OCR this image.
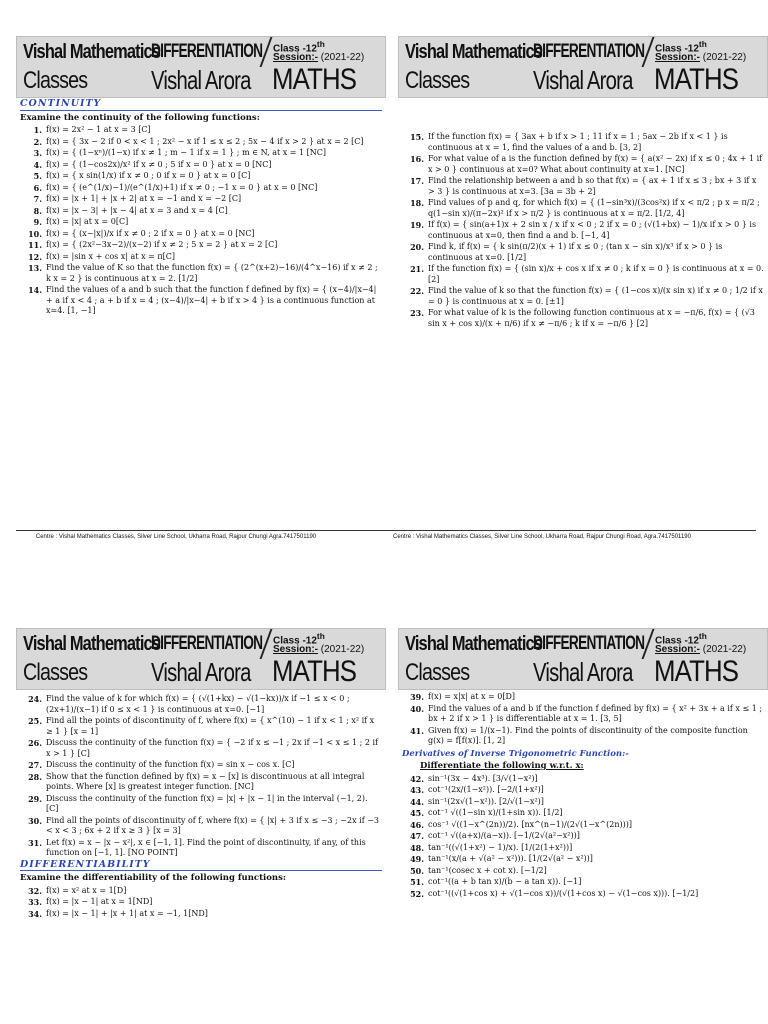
Vishal Mathematics
Classes
DIFFERENTIATION
Vishal Arora
Class -12th
Session:- (2021-22)
MATHS
CONTINUITY
Examine the continuity of the following functions:
1. f(x) = 2x² − 1 at x = 3 [C]
2. f(x) = { 3x − 2 if 0 < x < 1 ; 2x² − x if 1 ≤ x ≤ 2 ; 5x − 4 if x > 2 } at x = 2 [C]
3. f(x) = { (1−xⁿ)/(1−x) if x ≠ 1 ; m − 1 if x = 1 } ; m ∈ N, at x = 1 [NC]
4. f(x) = { (1−cos2x)/x² if x ≠ 0 ; 5 if x = 0 } at x = 0 [NC]
5. f(x) = { x sin(1/x) if x ≠ 0 ; 0 if x = 0 } at x = 0 [C]
6. f(x) = { (e^(1/x)−1)/(e^(1/x)+1) if x ≠ 0 ; −1 x = 0 } at x = 0 [NC]
7. f(x) = |x + 1| + |x + 2| at x = −1 and x = −2 [C]
8. f(x) = |x − 3| + |x − 4| at x = 3 and x = 4 [C]
9. f(x) = |x| at x = 0[C]
10. f(x) = { (x−|x|)/x if x ≠ 0 ; 2 if x = 0 } at x = 0 [NC]
11. f(x) = { (2x²−3x−2)/(x−2) if x ≠ 2 ; 5 x = 2 } at x = 2 [C]
12. f(x) = |sin x + cos x| at x = π[C]
13. Find the value of K so that the function f(x) = { (2^(x+2)−16)/(4^x−16) if x ≠ 2 ; k x = 2 } is continuous at x = 2. [1/2]
14. Find the values of a and b such that the function f defined by f(x) = { (x−4)/|x−4| + a if x < 4 ; a + b if x = 4 ; (x−4)/|x−4| + b if x > 4 } is a continuous function at x=4. [1, −1]
Centre : Vishal Mathematics Classes, Silver Line School, Ukharra Road, Rajpur Chungi Agra.7417501190	Centre : Vishal Mathematics Classes, Silver Line School, Ukharra Road, Rajpur Chungi Road, Agra.7417501190
Vishal Mathematics
Classes
DIFFERENTIATION
Vishal Arora
Class -12th
Session:- (2021-22)
MATHS
15. If the function f(x) = { 3ax + b if x > 1 ; 11 if x = 1 ; 5ax − 2b if x < 1 } is continuous at x = 1, find the values of a and b. [3, 2]
16. For what value of a is the function defined by f(x) = { a(x² − 2x) if x ≤ 0 ; 4x + 1 if x > 0 } continuous at x=0? What about continuity at x=1. [NC]
17. Find the relationship between a and b so that f(x) = { ax + 1 if x ≤ 3 ; bx + 3 if x > 3 } is continuous at x=3. [3a = 3b + 2]
18. Find values of p and q, for which f(x) = { (1−sin³x)/(3cos²x) if x < π/2 ; p x = π/2 ; q(1−sin x)/(π−2x)² if x > π/2 } is continuous at x = π/2. [1/2, 4]
19. If f(x) = { sin(a+1)x + 2 sin x / x if x < 0 ; 2 if x = 0 ; (√(1+bx) − 1)/x if x > 0 } is continuous at x=0, then find a and b. [−1, 4]
20. Find k, if f(x) = { k sin(π/2)(x + 1) if x ≤ 0 ; (tan x − sin x)/x³ if x > 0 } is continuous at x=0. [1/2]
21. If the function f(x) = { (sin x)/x + cos x if x ≠ 0 ; k if x = 0 } is continuous at x = 0. [2]
22. Find the value of k so that the function f(x) = { (1−cos x)/(x sin x) if x ≠ 0 ; 1/2 if x = 0 } is continuous at x = 0. [±1]
23. For what value of k is the following function continuous at x = −π/6, f(x) = { (√3 sin x + cos x)/(x + π/6) if x ≠ −π/6 ; k if x = −π/6 } [2]
Vishal Mathematics
Classes
DIFFERENTIATION
Vishal Arora
Class -12th
Session:- (2021-22)
MATHS
24. Find the value of k for which f(x) = { (√(1+kx) − √(1−kx))/x if −1 ≤ x < 0 ; (2x+1)/(x−1) if 0 ≤ x < 1 } is continuous at x=0. [−1]
25. Find all the points of discontinuity of f, where f(x) = { x^(10) − 1 if x < 1 ; x² if x ≥ 1 } [x = 1]
26. Discuss the continuity of the function f(x) = { −2 if x ≤ −1 ; 2x if −1 < x ≤ 1 ; 2 if x > 1 } [C]
27. Discuss the continuity of the function f(x) = sin x − cos x. [C]
28. Show that the function defined by f(x) = x − [x] is discontinuous at all integral points. Where [x] is greatest integer function. [NC]
29. Discuss the continuity of the function f(x) = |x| + |x − 1| in the interval (−1, 2). [C]
30. Find all the points of discontinuity of f, where f(x) = { |x| + 3 if x ≤ −3 ; −2x if −3 < x < 3 ; 6x + 2 if x ≥ 3 } [x = 3]
31. Let f(x) = x − |x − x²|, x ∈ [−1, 1]. Find the point of discontinuity, if any, of this function on [−1, 1]. [NO POINT]
DIFFERENTIABILITY
Examine the differentiability of the following functions:
32. f(x) = x² at x = 1[D]
33. f(x) = |x − 1| at x = 1[ND]
34. f(x) = |x − 1| + |x + 1| at x = −1, 1[ND]
Vishal Mathematics
Classes
DIFFERENTIATION
Vishal Arora
Class -12th
Session:- (2021-22)
MATHS
39. f(x) = x|x| at x = 0[D]
40. Find the values of a and b if the function f defined by f(x) = { x² + 3x + a if x ≤ 1 ; bx + 2 if x > 1 } is differentiable at x = 1. [3, 5]
41. Given f(x) = 1/(x−1). Find the points of discontinuity of the composite function g(x) = f[f(x)]. [1, 2]
Derivatives of Inverse Trigonometric Function:-
Differentiate the following w.r.t. x:
42. sin⁻¹(3x − 4x³). [3/√(1−x²)]
43. cot⁻¹(2x/(1−x²)). [−2/(1+x²)]
44. sin⁻¹(2x√(1−x²)). [2/√(1−x²)]
45. cot⁻¹ √((1−sin x)/(1+sin x)). [1/2]
46. cos⁻¹ √((1−x^(2n))/2). [nx^(n−1)/(2√(1−x^(2n)))]
47. cot⁻¹ √((a+x)/(a−x)). [−1/(2√(a²−x²))]
48. tan⁻¹((√(1+x²) − 1)/x). [1/(2(1+x²))]
49. tan⁻¹(x/(a + √(a² − x²))). [1/(2√(a² − x²))]
50. tan⁻¹(cosec x + cot x). [−1/2]
51. cot⁻¹((a + b tan x)/(b − a tan x)). [−1]
52. cot⁻¹((√(1+cos x) + √(1−cos x))/(√(1+cos x) − √(1−cos x))). [−1/2]
